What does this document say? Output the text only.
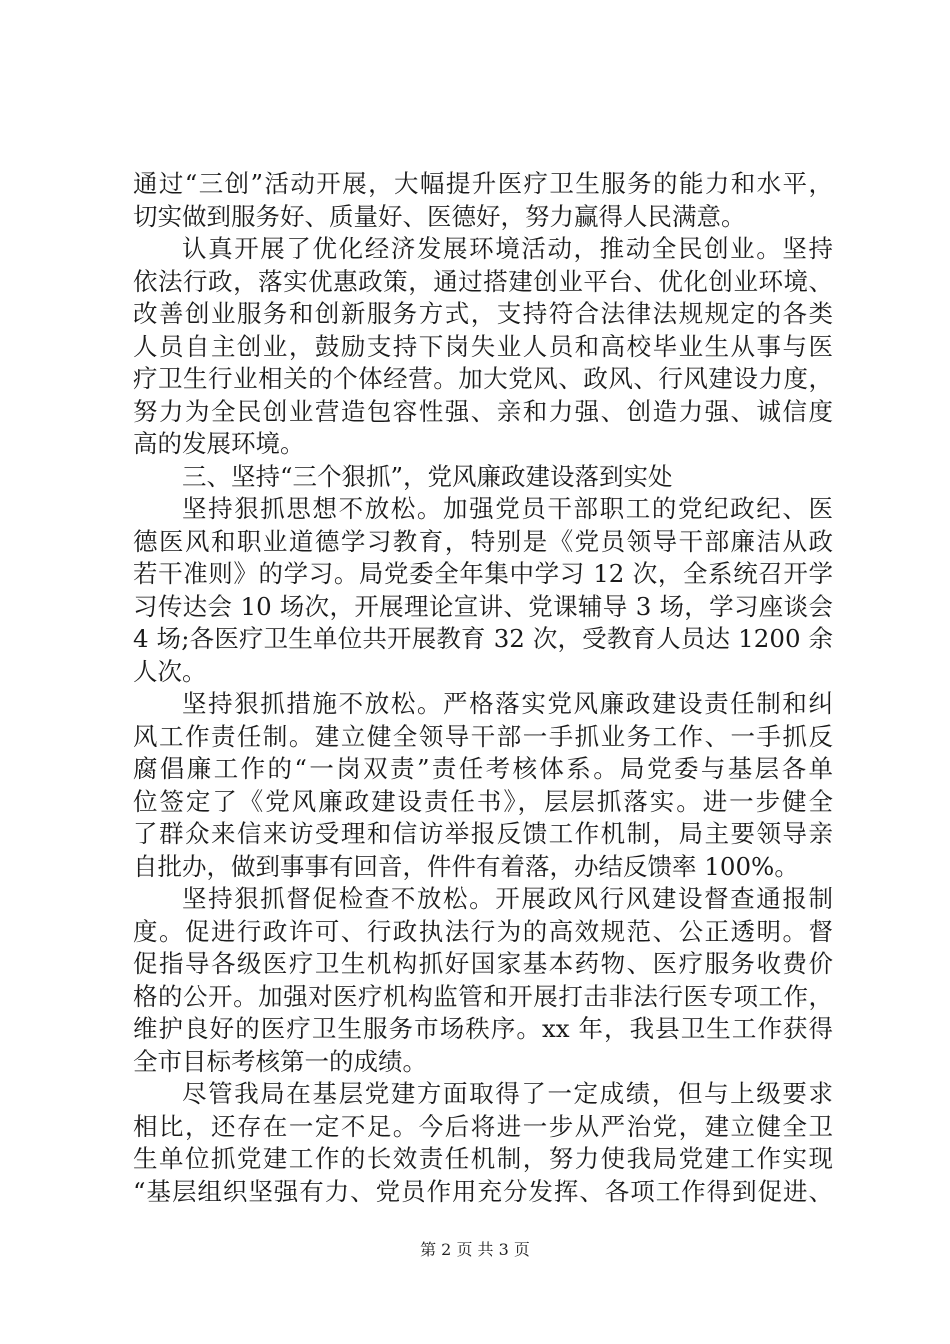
通过“三创”活动开展，大幅提升医疗卫生服务的能力和水平，
切实做到服务好、质量好、医德好，努力赢得人民满意。
认真开展了优化经济发展环境活动，推动全民创业。坚持
依法行政，落实优惠政策，通过搭建创业平台、优化创业环境、
改善创业服务和创新服务方式，支持符合法律法规规定的各类
人员自主创业，鼓励支持下岗失业人员和高校毕业生从事与医
疗卫生行业相关的个体经营。加大党风、政风、行风建设力度，
努力为全民创业营造包容性强、亲和力强、创造力强、诚信度
高的发展环境。
三、坚持“三个狠抓”，党风廉政建设落到实处
坚持狠抓思想不放松。加强党员干部职工的党纪政纪、医
德医风和职业道德学习教育，特别是《党员领导干部廉洁从政
若干准则》的学习。局党委全年集中学习 12 次，全系统召开学
习传达会 10 场次，开展理论宣讲、党课辅导 3 场，学习座谈会
4 场;各医疗卫生单位共开展教育 32 次，受教育人员达 1200 余
人次。
坚持狠抓措施不放松。严格落实党风廉政建设责任制和纠
风工作责任制。建立健全领导干部一手抓业务工作、一手抓反
腐倡廉工作的“一岗双责”责任考核体系。局党委与基层各单
位签定了《党风廉政建设责任书》，层层抓落实。进一步健全
了群众来信来访受理和信访举报反馈工作机制，局主要领导亲
自批办，做到事事有回音，件件有着落，办结反馈率 100%。
坚持狠抓督促检查不放松。开展政风行风建设督查通报制
度。促进行政许可、行政执法行为的高效规范、公正透明。督
促指导各级医疗卫生机构抓好国家基本药物、医疗服务收费价
格的公开。加强对医疗机构监管和开展打击非法行医专项工作，
维护良好的医疗卫生服务市场秩序。xx 年，我县卫生工作获得
全市目标考核第一的成绩。
尽管我局在基层党建方面取得了一定成绩，但与上级要求
相比，还存在一定不足。今后将进一步从严治党，建立健全卫
生单位抓党建工作的长效责任机制，努力使我局党建工作实现
“基层组织坚强有力、党员作用充分发挥、各项工作得到促进、
第 2 页 共 3 页
